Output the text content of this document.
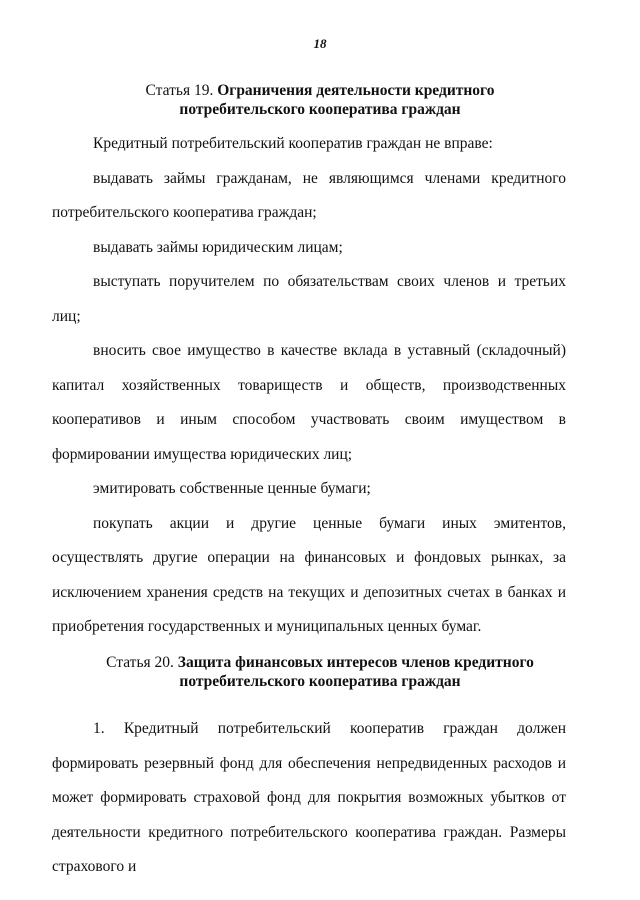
18
Статья 19. Ограничения деятельности кредитного
потребительского кооператива граждан

Кредитный потребительский кооператив граждан не вправе:

выдавать займы гражданам, не являющимся членами кредитного потребительского кооператива граждан;

выдавать займы юридическим лицам;

выступать поручителем по обязательствам своих членов и третьих лиц;

вносить свое имущество в качестве вклада в уставный (складочный) капитал хозяйственных товариществ и обществ, производственных кооперативов и иным способом участвовать своим имуществом в формировании имущества юридических лиц;

эмитировать собственные ценные бумаги;

покупать акции и другие ценные бумаги иных эмитентов, осуществлять другие операции на финансовых и фондовых рынках, за исключением хранения средств на текущих и депозитных счетах в банках и приобретения государственных и муниципальных ценных бумаг.

Статья 20. Защита финансовых интересов членов кредитного
потребительского кооператива граждан

1. Кредитный потребительский кооператив граждан должен формировать резервный фонд для обеспечения непредвиденных расходов и может формировать страховой фонд для покрытия возможных убытков от деятельности кредитного потребительского кооператива граждан. Размеры страхового и
